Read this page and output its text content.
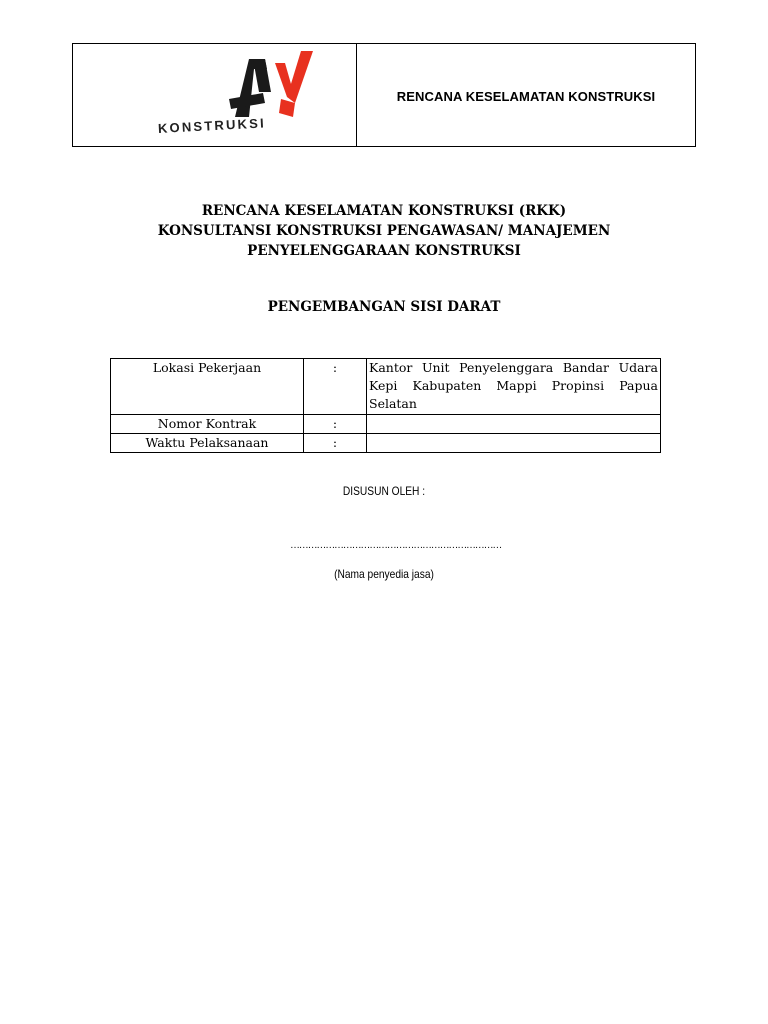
KONSTRUKSI
RENCANA KESELAMATAN KONSTRUKSI
RENCANA KESELAMATAN KONSTRUKSI (RKK)
KONSULTANSI KONSTRUKSI PENGAWASAN/ MANAJEMEN
PENYELENGGARAAN KONSTRUKSI
PENGEMBANGAN SISI DARAT
Lokasi Pekerjaan	:	Kantor Unit Penyelenggara Bandar Udara Kepi Kabupaten Mappi Propinsi Papua Selatan
Nomor Kontrak	:	
Waktu Pelaksanaan	:	
DISUSUN OLEH :
………………………………………………………………
(Nama penyedia jasa)
